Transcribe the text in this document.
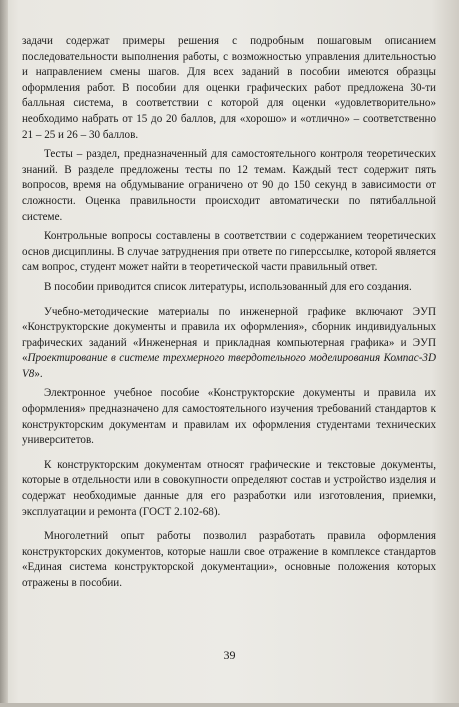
задачи содержат примеры решения с подробным пошаговым описанием последовательности выполнения работы, с возможностью управления длительностью и направлением смены шагов. Для всех заданий в пособии имеются образцы оформления работ. В пособии для оценки графических работ предложена 30-ти балльная система, в соответствии с которой для оценки «удовлетворительно» необходимо набрать от 15 до 20 баллов, для «хорошо» и «отлично» – соответственно 21 – 25 и 26 – 30 баллов.

Тесты – раздел, предназначенный для самостоятельного контроля теоретических знаний. В разделе предложены тесты по 12 темам. Каждый тест содержит пять вопросов, время на обдумывание ограничено от 90 до 150 секунд в зависимости от сложности. Оценка правильности происходит автоматически по пятибалльной системе.

Контрольные вопросы составлены в соответствии с содержанием теоретических основ дисциплины. В случае затруднения при ответе по гиперссылке, которой является сам вопрос, студент может найти в теоретической части правильный ответ.

В пособии приводится список литературы, использованный для его создания.

Учебно-методические материалы по инженерной графике включают ЭУП «Конструкторские документы и правила их оформления», сборник индивидуальных графических заданий «Инженерная и прикладная компьютерная графика» и ЭУП «Проектирование в системе трехмерного твердотельного моделирования Компас-3D V8».

Электронное учебное пособие «Конструкторские документы и правила их оформления» предназначено для самостоятельного изучения требований стандартов к конструкторским документам и правилам их оформления студентами технических университетов.

К конструкторским документам относят графические и текстовые документы, которые в отдельности или в совокупности определяют состав и устройство изделия и содержат необходимые данные для его разработки или изготовления, приемки, эксплуатации и ремонта (ГОСТ 2.102-68).

Многолетний опыт работы позволил разработать правила оформления конструкторских документов, которые нашли свое отражение в комплексе стандартов «Единая система конструкторской документации», основные положения которых отражены в пособии.

39
